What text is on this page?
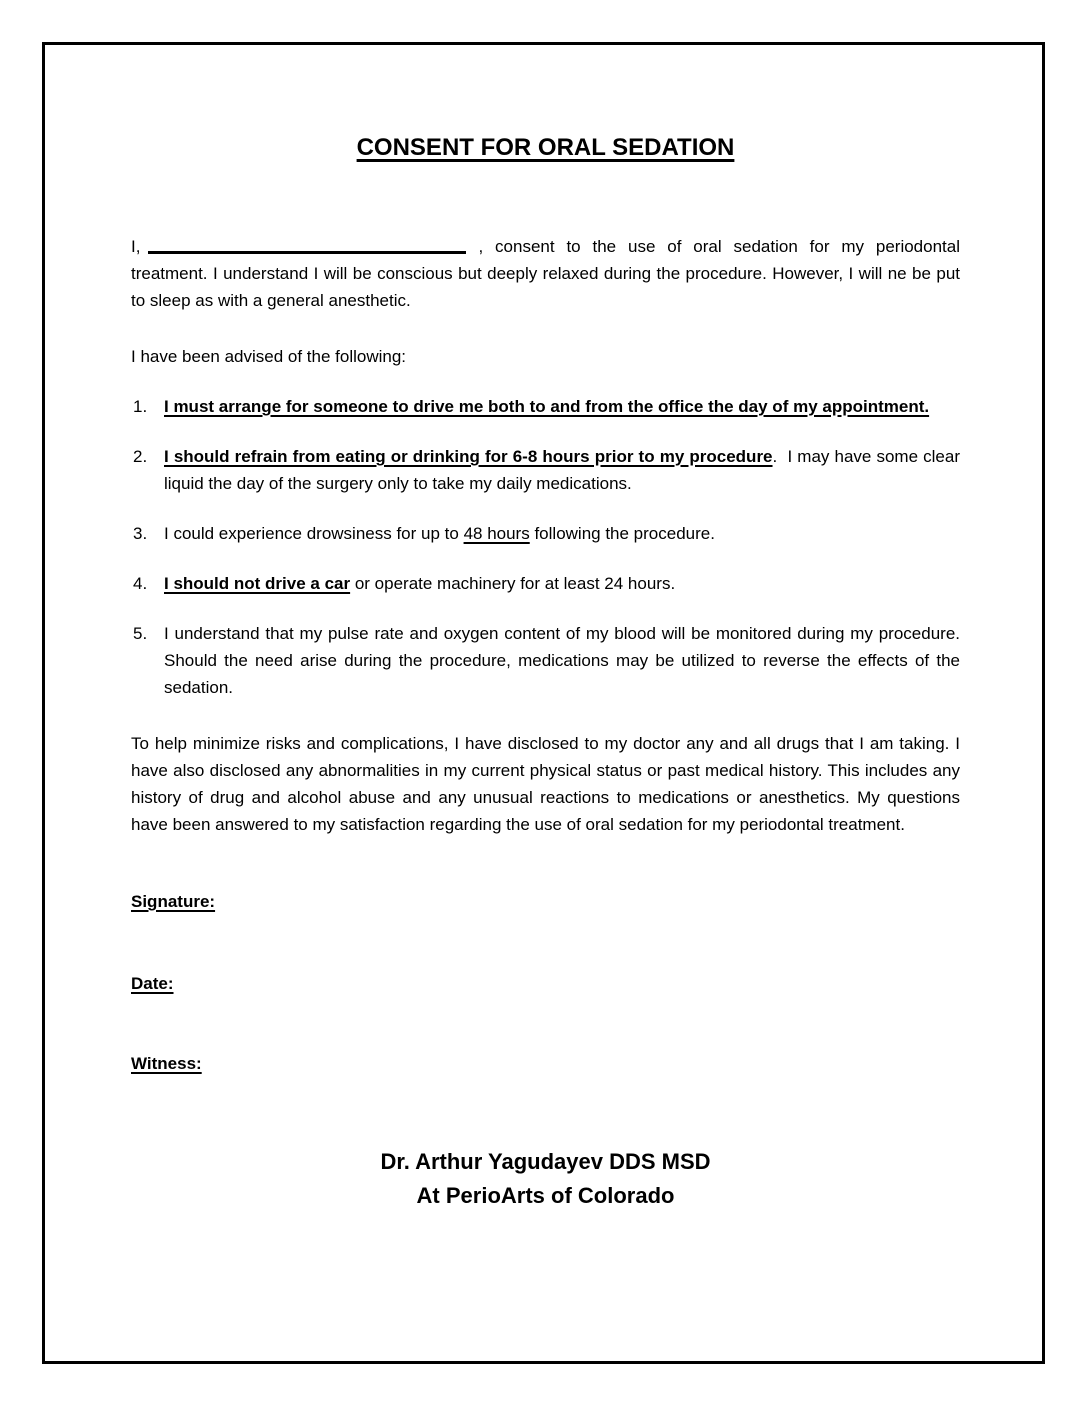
CONSENT FOR ORAL SEDATION

I,	, consent to the use of oral sedation for my periodontal treatment. I understand I will be conscious but deeply relaxed during the procedure. However, I will ne be put to sleep as with a general anesthetic.

I have been advised of the following:

1. I must arrange for someone to drive me both to and from the office the day of my appointment.
2. I should refrain from eating or drinking for 6-8 hours prior to my procedure.  I may have some clear liquid the day of the surgery only to take my daily medications.
3. I could experience drowsiness for up to 48 hours following the procedure.
4. I should not drive a car or operate machinery for at least 24 hours.
5. I understand that my pulse rate and oxygen content of my blood will be monitored during my procedure. Should the need arise during the procedure, medications may be utilized to reverse the effects of the sedation.

To help minimize risks and complications, I have disclosed to my doctor any and all drugs that I am taking. I have also disclosed any abnormalities in my current physical status or past medical history. This includes any history of drug and alcohol abuse and any unusual reactions to medications or anesthetics. My questions have been answered to my satisfaction regarding the use of oral sedation for my periodontal treatment.

Signature:

Date:

Witness:

Dr. Arthur Yagudayev DDS MSD
At PerioArts of Colorado
